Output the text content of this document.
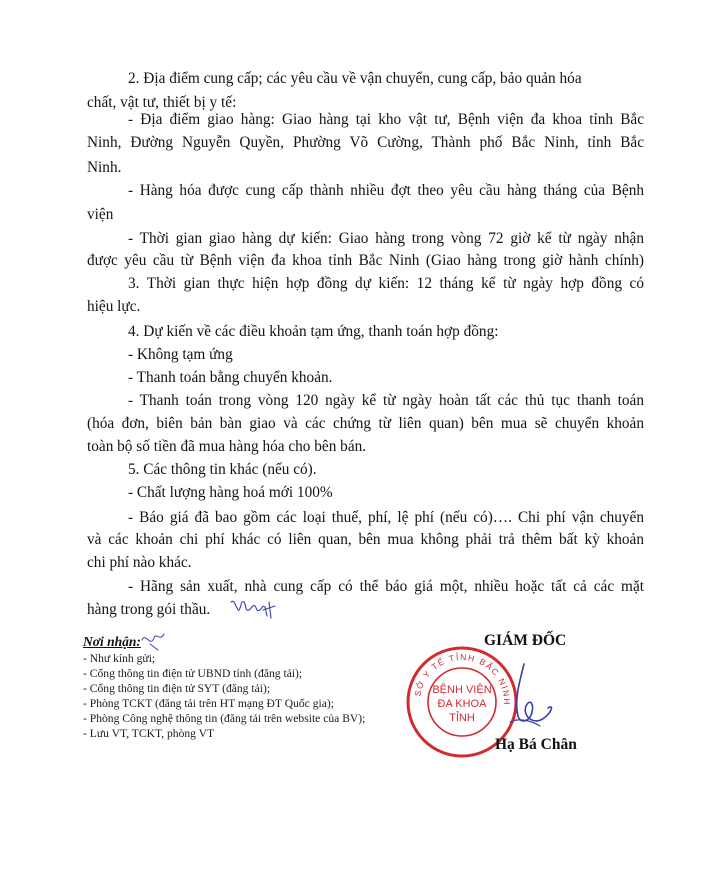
2. Địa điểm cung cấp; các yêu cầu về vận chuyển, cung cấp, bảo quản hóa
chất, vật tư, thiết bị y tế:
- Địa điểm giao hàng: Giao hàng tại kho vật tư, Bệnh viện đa khoa tỉnh Bắc
Ninh, Đường Nguyễn Quyền, Phường Võ Cường, Thành phố Bắc Ninh, tỉnh Bắc
Ninh.
- Hàng hóa được cung cấp thành nhiều đợt theo yêu cầu hàng tháng của Bệnh
viện
- Thời gian giao hàng dự kiến: Giao hàng trong vòng 72 giờ kể từ ngày nhận
được yêu cầu từ Bệnh viện đa khoa tỉnh Bắc Ninh (Giao hàng trong giờ hành chính)
3. Thời gian thực hiện hợp đồng dự kiến: 12 tháng kể từ ngày hợp đồng có
hiệu lực.
4. Dự kiến về các điều khoản tạm ứng, thanh toán hợp đồng:
- Không tạm ứng
- Thanh toán bằng chuyển khoản.
- Thanh toán trong vòng 120 ngày kể từ ngày hoàn tất các thủ tục thanh toán
(hóa đơn, biên bản bàn giao và các chứng từ liên quan) bên mua sẽ chuyển khoản
toàn bộ số tiền đã mua hàng hóa cho bên bán.
5. Các thông tin khác (nếu có).
- Chất lượng hàng hoá mới 100%
- Báo giá đã bao gồm các loại thuế, phí, lệ phí (nếu có)…. Chi phí vận chuyển
và các khoản chi phí khác có liên quan, bên mua không phải trả thêm bất kỳ khoản
chi phí nào khác.
- Hãng sản xuất, nhà cung cấp có thể báo giá một, nhiều hoặc tất cả các mặt
hàng trong gói thầu.
Nơi nhận:
- Như kính gửi;
- Cổng thông tin điện tử UBND tỉnh (đăng tải);
- Cổng thông tin điện tử SYT (đăng tải);
- Phòng TCKT (đăng tải trên HT mạng ĐT Quốc gia);
- Phòng Công nghệ thông tin (đăng tải trên website của BV);
- Lưu VT, TCKT, phòng VT
GIÁM ĐỐC
SỞ Y TẾ TỈNH BẮC NINH
BỆNH VIỆN
ĐA KHOA
TỈNH
Hạ Bá Chân
